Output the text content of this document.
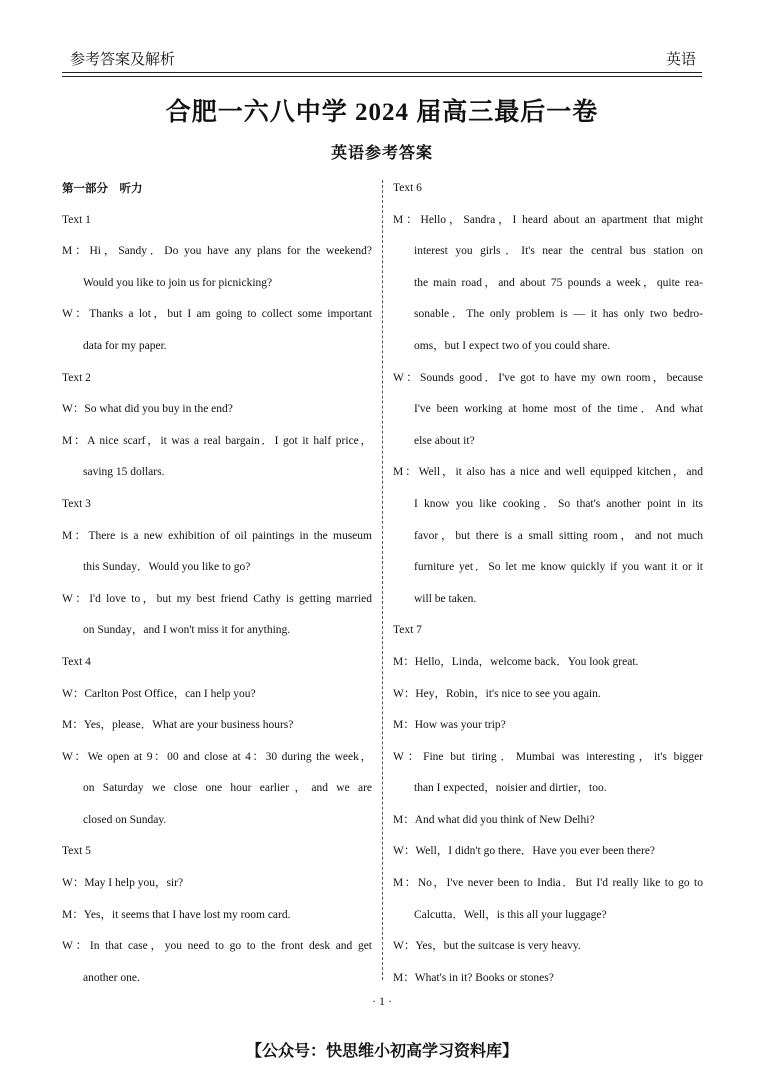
参考答案及解析	英语
合肥一六八中学 2024 届高三最后一卷
英语参考答案
第一部分　听力
Text 1
M：Hi，Sandy．Do you have any plans for the weekend?
Would you like to join us for picnicking?
W：Thanks a lot，but I am going to collect some important
data for my paper.
Text 2
W：So what did you buy in the end?
M：A nice scarf，it was a real bargain．I got it half price，
saving 15 dollars.
Text 3
M：There is a new exhibition of oil paintings in the museum
this Sunday．Would you like to go?
W：I'd love to，but my best friend Cathy is getting married
on Sunday，and I won't miss it for anything.
Text 4
W：Carlton Post Office，can I help you?
M：Yes，please．What are your business hours?
W：We open at 9：00 and close at 4：30 during the week，
on Saturday we close one hour earlier，and we are
closed on Sunday.
Text 5
W：May I help you，sir?
M：Yes，it seems that I have lost my room card.
W：In that case，you need to go to the front desk and get
another one.
Text 6
M：Hello，Sandra，I heard about an apartment that might
interest you girls．It's near the central bus station on
the main road，and about 75 pounds a week，quite rea-
sonable．The only problem is — it has only two bedro-
oms，but I expect two of you could share.
W：Sounds good．I've got to have my own room，because
I've been working at home most of the time．And what
else about it?
M：Well，it also has a nice and well equipped kitchen，and
I know you like cooking．So that's another point in its
favor，but there is a small sitting room，and not much
furniture yet．So let me know quickly if you want it or it
will be taken.
Text 7
M：Hello，Linda，welcome back．You look great.
W：Hey，Robin，it's nice to see you again.
M：How was your trip?
W：Fine but tiring．Mumbai was interesting，it's bigger
than I expected，noisier and dirtier，too.
M：And what did you think of New Delhi?
W：Well，I didn't go there．Have you ever been there?
M：No，I've never been to India．But I'd really like to go to
Calcutta．Well，is this all your luggage?
W：Yes，but the suitcase is very heavy.
M：What's in it? Books or stones?
· 1 ·
【公众号：快思维小初高学习资料库】
